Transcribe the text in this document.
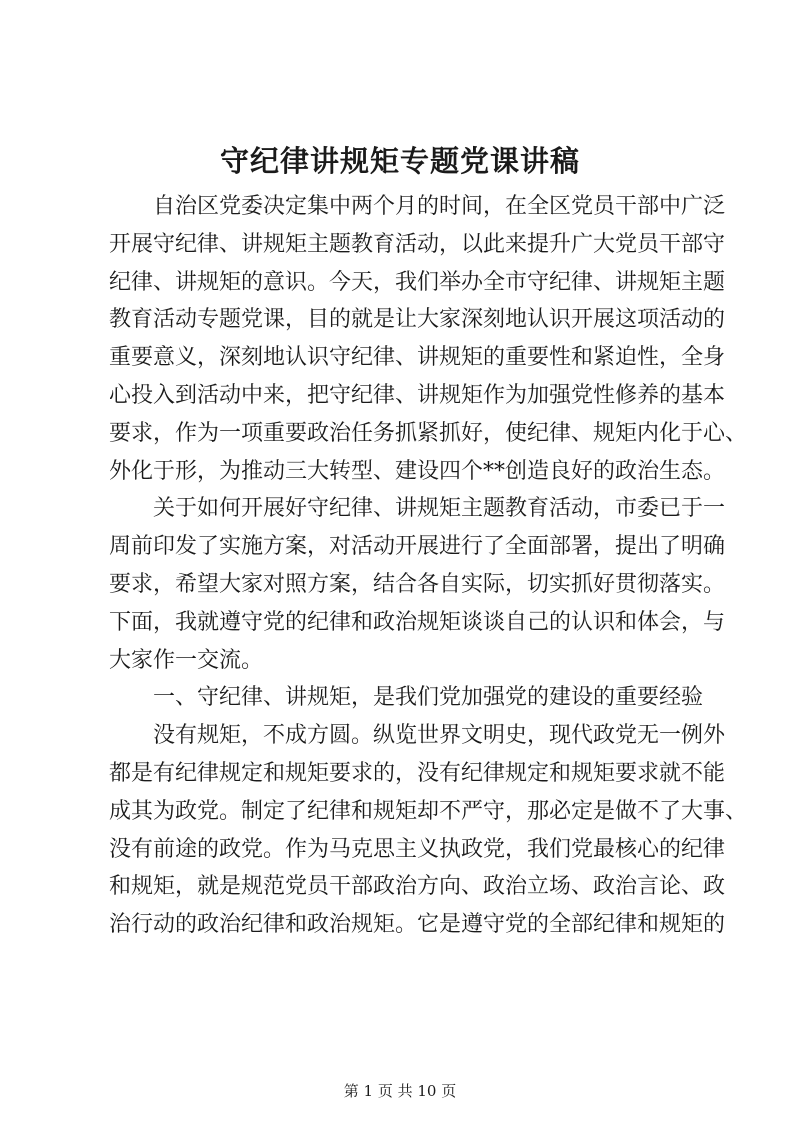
守纪律讲规矩专题党课讲稿
自治区党委决定集中两个月的时间，在全区党员干部中广泛
开展守纪律、讲规矩主题教育活动，以此来提升广大党员干部守
纪律、讲规矩的意识。今天，我们举办全市守纪律、讲规矩主题
教育活动专题党课，目的就是让大家深刻地认识开展这项活动的
重要意义，深刻地认识守纪律、讲规矩的重要性和紧迫性，全身
心投入到活动中来，把守纪律、讲规矩作为加强党性修养的基本
要求，作为一项重要政治任务抓紧抓好，使纪律、规矩内化于心、
外化于形，为推动三大转型、建设四个**创造良好的政治生态。
关于如何开展好守纪律、讲规矩主题教育活动，市委已于一
周前印发了实施方案，对活动开展进行了全面部署，提出了明确
要求，希望大家对照方案，结合各自实际，切实抓好贯彻落实。
下面，我就遵守党的纪律和政治规矩谈谈自己的认识和体会，与
大家作一交流。
一、守纪律、讲规矩，是我们党加强党的建设的重要经验
没有规矩，不成方圆。纵览世界文明史，现代政党无一例外
都是有纪律规定和规矩要求的，没有纪律规定和规矩要求就不能
成其为政党。制定了纪律和规矩却不严守，那必定是做不了大事、
没有前途的政党。作为马克思主义执政党，我们党最核心的纪律
和规矩，就是规范党员干部政治方向、政治立场、政治言论、政
治行动的政治纪律和政治规矩。它是遵守党的全部纪律和规矩的
第 1 页 共 10 页
